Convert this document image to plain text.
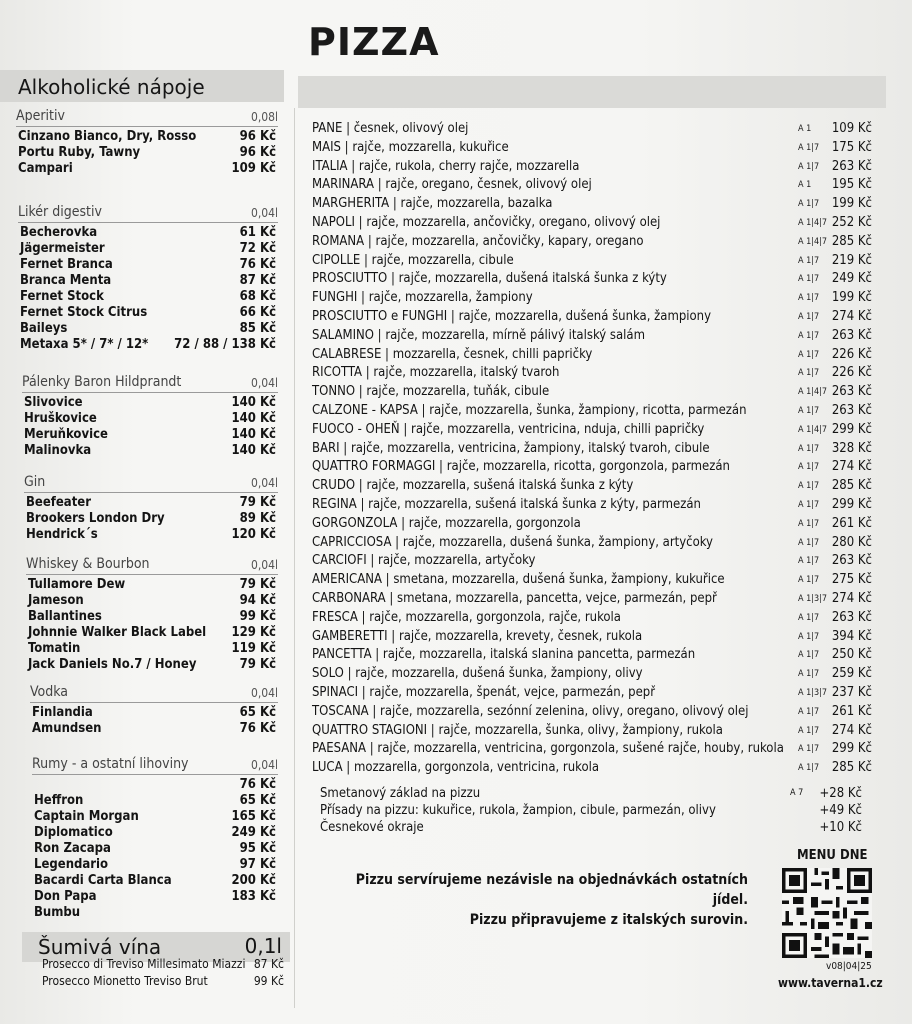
PIZZA
Alkoholické nápoje
Aperitiv	0,08l
Cinzano Bianco, Dry, Rosso	96 Kč
Portu Ruby, Tawny	96 Kč
Campari	109 Kč
Likér digestiv	0,04l
Becherovka	61 Kč
Jägermeister	72 Kč
Fernet Branca	76 Kč
Branca Menta	87 Kč
Fernet Stock	68 Kč
Fernet Stock Citrus	66 Kč
Baileys	85 Kč
Metaxa 5* / 7* / 12* 72 / 88 / 138 Kč
Pálenky Baron Hildprandt	0,04l
Slivovice	140 Kč
Hruškovice	140 Kč
Meruňkovice	140 Kč
Malinovka	140 Kč
Gin	0,04l
Beefeater	79 Kč
Brookers London Dry	89 Kč
Hendrick´s	120 Kč
Whiskey & Bourbon	0,04l
Tullamore Dew	79 Kč
Jameson	94 Kč
Ballantines	99 Kč
Johnnie Walker Black Label 129 Kč
Tomatin	119 Kč
Jack Daniels No.7 / Honey	79 Kč
Vodka	0,04l
Finlandia	65 Kč
Amundsen	76 Kč
Rumy - a ostatní lihoviny	0,04l
76 Kč
Heffron	65 Kč
Captain Morgan	165 Kč
Diplomatico	249 Kč
Ron Zacapa	95 Kč
Legendario	97 Kč
Bacardi Carta Blanca	200 Kč
Don Papa	183 Kč
Bumbu
Šumivá vína	0,1l
Prosecco di Treviso Millesimato Miazzi 87 Kč
Prosecco Mionetto Treviso Brut	99 Kč
PANE | česnek, olivový olej	A 1 109 Kč
MAIS | rajče, mozzarella, kukuřice	A 1|7 175 Kč
ITALIA | rajče, rukola, cherry rajče, mozzarella	A 1|7 263 Kč
MARINARA | rajče, oregano, česnek, olivový olej	A 1 195 Kč
MARGHERITA | rajče, mozzarella, bazalka	A 1|7 199 Kč
NAPOLI | rajče, mozzarella, ančovičky, oregano, olivový olej	A 1|4|7 252 Kč
ROMANA | rajče, mozzarella, ančovičky, kapary, oregano	A 1|4|7 285 Kč
CIPOLLE | rajče, mozzarella, cibule	A 1|7 219 Kč
PROSCIUTTO | rajče, mozzarella, dušená italská šunka z kýty	A 1|7 249 Kč
FUNGHI | rajče, mozzarella, žampiony	A 1|7 199 Kč
PROSCIUTTO e FUNGHI | rajče, mozzarella, dušená šunka, žampiony	A 1|7 274 Kč
SALAMINO | rajče, mozzarella, mírně pálivý italský salám	A 1|7 263 Kč
CALABRESE | mozzarella, česnek, chilli papričky	A 1|7 226 Kč
RICOTTA | rajče, mozzarella, italský tvaroh	A 1|7 226 Kč
TONNO | rajče, mozzarella, tuňák, cibule	A 1|4|7 263 Kč
CALZONE - KAPSA | rajče, mozzarella, šunka, žampiony, ricotta, parmezán	A 1|7 263 Kč
FUOCO - OHEŇ | rajče, mozzarella, ventricina, nduja, chilli papričky	A 1|4|7 299 Kč
BARI | rajče, mozzarella, ventricina, žampiony, italský tvaroh, cibule	A 1|7 328 Kč
QUATTRO FORMAGGI | rajče, mozzarella, ricotta, gorgonzola, parmezán	A 1|7 274 Kč
CRUDO | rajče, mozzarella, sušená italská šunka z kýty	A 1|7 285 Kč
REGINA | rajče, mozzarella, sušená italská šunka z kýty, parmezán	A 1|7 299 Kč
GORGONZOLA | rajče, mozzarella, gorgonzola	A 1|7 261 Kč
CAPRICCIOSA | rajče, mozzarella, dušená šunka, žampiony, artyčoky	A 1|7 280 Kč
CARCIOFI | rajče, mozzarella, artyčoky	A 1|7 263 Kč
AMERICANA | smetana, mozzarella, dušená šunka, žampiony, kukuřice	A 1|7 275 Kč
CARBONARA | smetana, mozzarella, pancetta, vejce, parmezán, pepř	A 1|3|7 274 Kč
FRESCA | rajče, mozzarella, gorgonzola, rajče, rukola	A 1|7 263 Kč
GAMBERETTI | rajče, mozzarella, krevety, česnek, rukola	A 1|7 394 Kč
PANCETTA | rajče, mozzarella, italská slanina pancetta, parmezán	A 1|7 250 Kč
SOLO | rajče, mozzarella, dušená šunka, žampiony, olivy	A 1|7 259 Kč
SPINACI | rajče, mozzarella, špenát, vejce, parmezán, pepř	A 1|3|7 237 Kč
TOSCANA | rajče, mozzarella, sezónní zelenina, olivy, oregano, olivový olej	A 1|7 261 Kč
QUATTRO STAGIONI | rajče, mozzarella, šunka, olivy, žampiony, rukola	A 1|7 274 Kč
PAESANA | rajče, mozzarella, ventricina, gorgonzola, sušené rajče, houby, rukola A 1|7 299 Kč
LUCA | mozzarella, gorgonzola, ventricina, rukola	A 1|7 285 Kč
Smetanový základ na pizzu	A 7 +28 Kč
Přísady na pizzu: kukuřice, rukola, žampion, cibule, parmezán, olivy	+49 Kč
Česnekové okraje	+10 Kč
Pizzu servírujeme nezávisle na objednávkách ostatních jídel.
Pizzu připravujeme z italských surovin.
MENU DNE
v08|04|25
www.taverna1.cz
